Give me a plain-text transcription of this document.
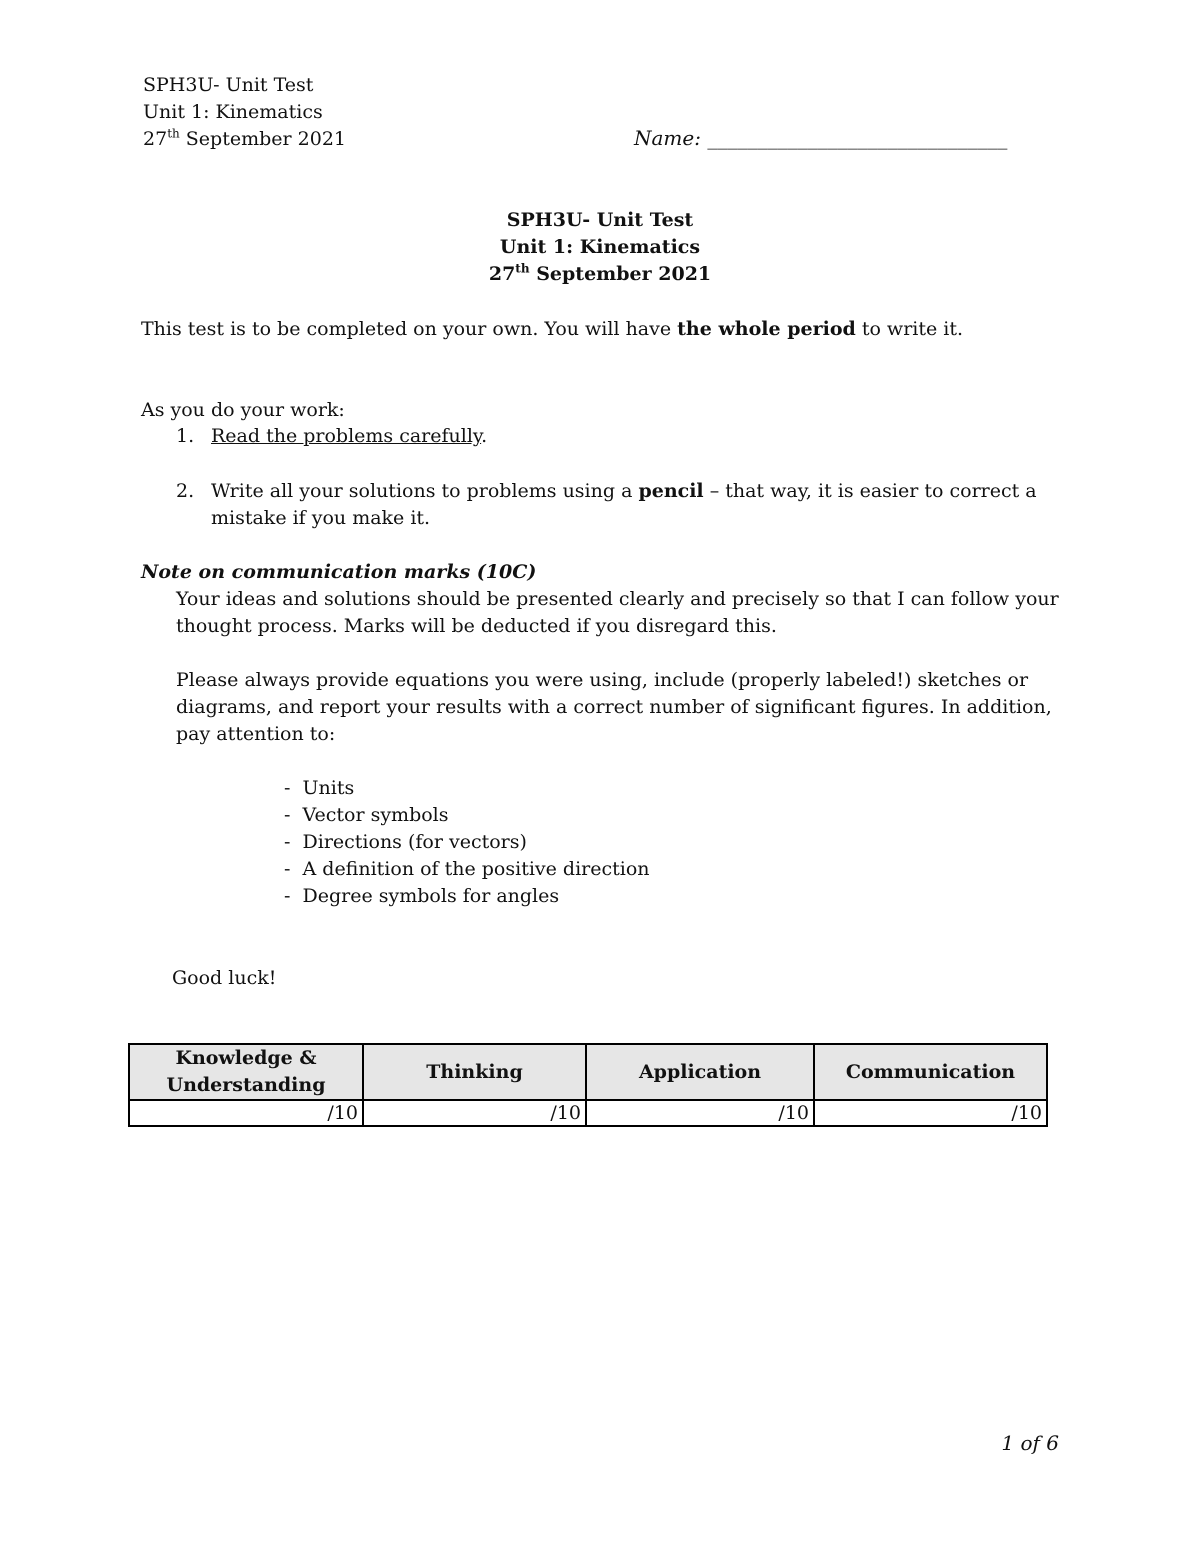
SPH3U- Unit Test
Unit 1: Kinematics
27th September 2021	Name: ______________________________
SPH3U- Unit Test
Unit 1: Kinematics
27th September 2021
This test is to be completed on your own. You will have the whole period to write it.
As you do your work:
1. Read the problems carefully.
2. Write all your solutions to problems using a pencil – that way, it is easier to correct a
mistake if you make it.
Note on communication marks (10C)
Your ideas and solutions should be presented clearly and precisely so that I can follow your
thought process. Marks will be deducted if you disregard this.
Please always provide equations you were using, include (properly labeled!) sketches or
diagrams, and report your results with a correct number of significant figures. In addition,
pay attention to:
- Units
- Vector symbols
- Directions (for vectors)
- A definition of the positive direction
- Degree symbols for angles
Good luck!
Knowledge & Understanding	Thinking	Application	Communication
/10	/10	/10	/10
1 of 6
